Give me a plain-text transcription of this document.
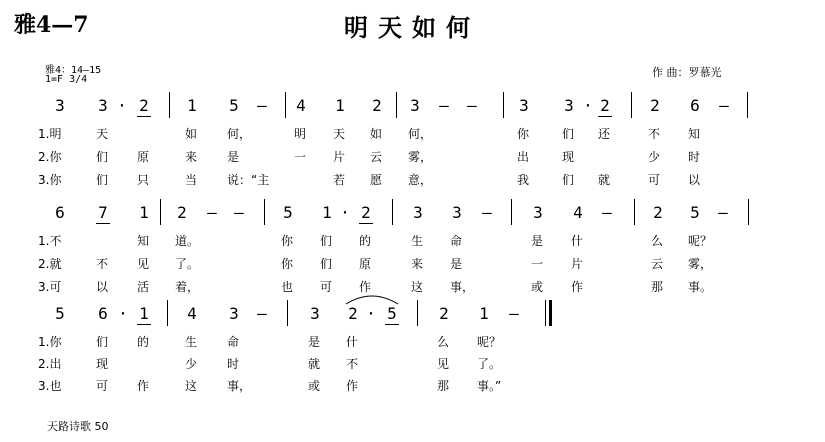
雅4—7	明天如何
雅4：14—15
1=F 3/4
作 曲：罗慕光
3 3 · 2 1 5 – 4 1 2 3 – –	3 3 · 2	2 6 –
1.明	天	如 何，	明 天 如 何，	你	们 还	不 知
2.你	们 原	来 是	一 片 云 雾，	出	现	少 时
3.你	们 只	当 说：“主	若 愿 意，	我	们 就	可 以
6 7 1 2 – – 5 1 · 2	3 3 –	3 4 –	2 5 –
1.不	知 道。	你 们 的	生 命	是 什	么 呢？
2.就	不 见 了。	你 们 原	来 是	一 片	云 雾，
3.可	以 活 着，	也 可 作	这 事，	或 作	那 事。
5 6 · 1 4 3 –	3 2 · 5	2 1 –
1.你	们 的	生 命	是 什	么 呢？
2.出	现	少 时	就 不	见 了。
3.也	可 作	这 事，	或 作	那 事。”
天路诗歌 50
